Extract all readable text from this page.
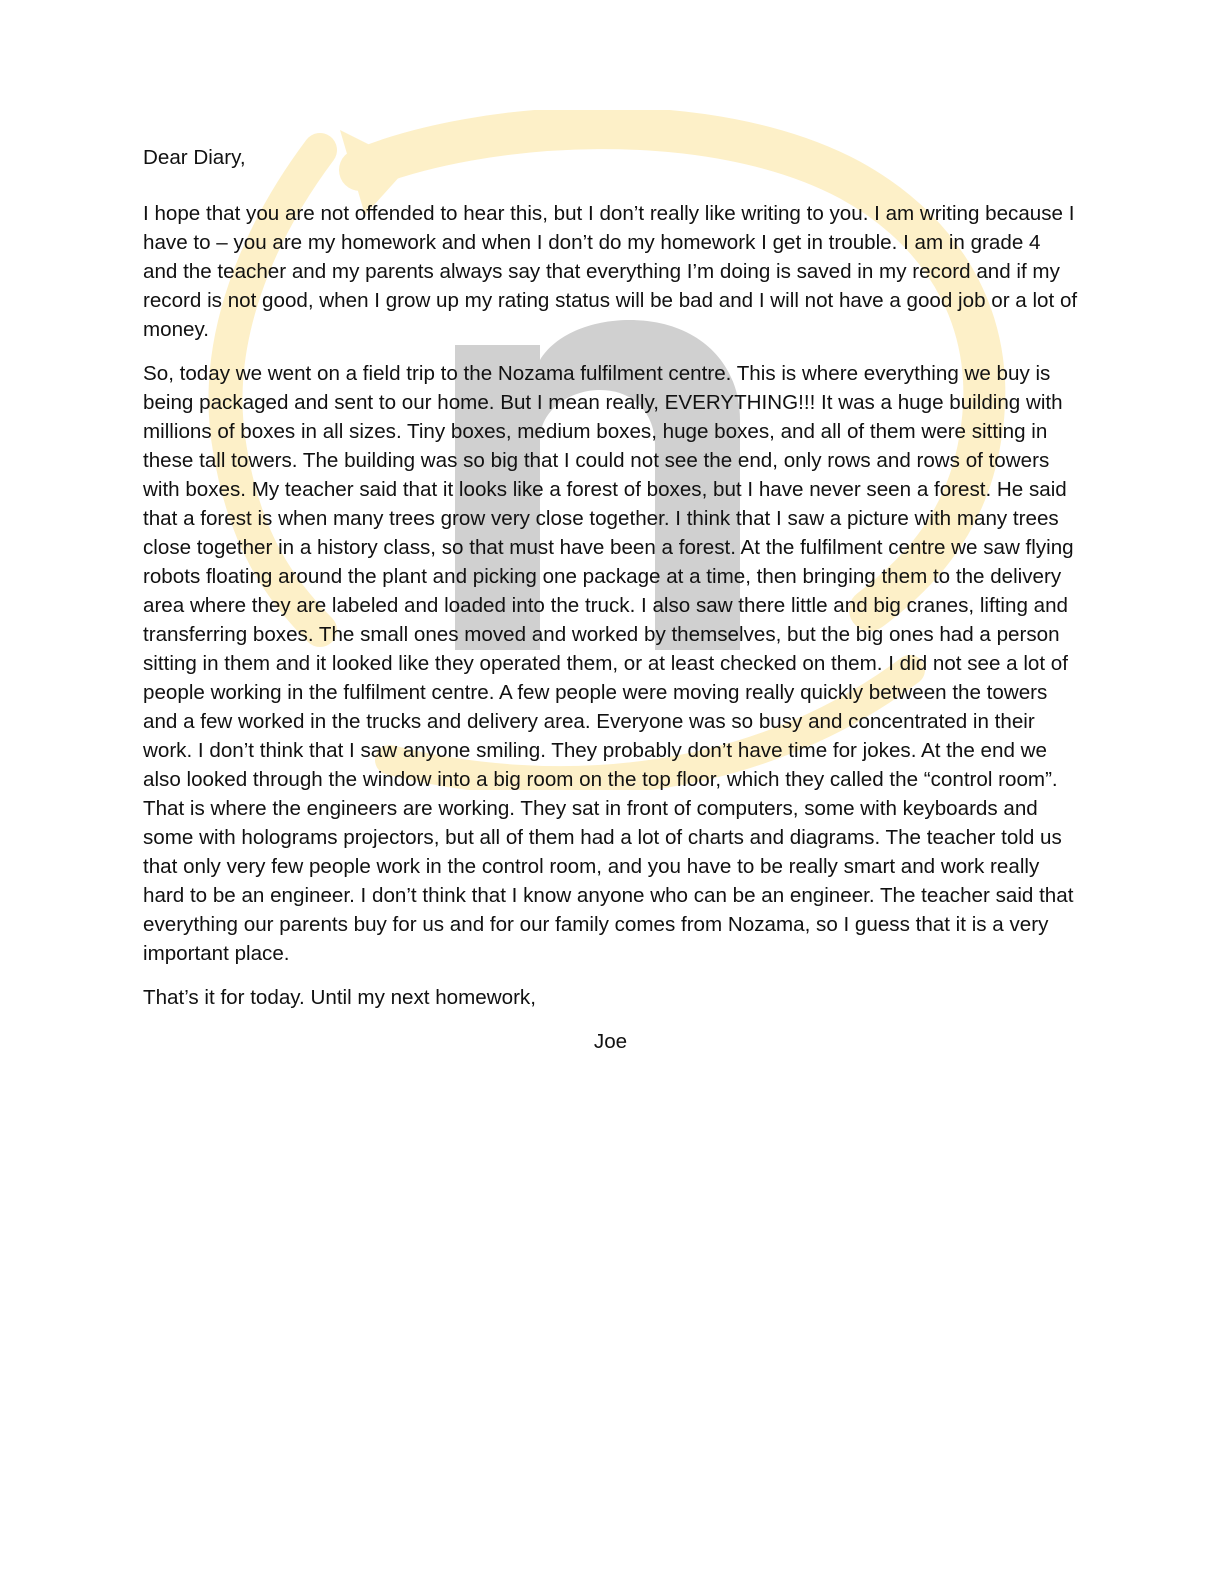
Dear Diary,

I hope that you are not offended to hear this, but I don’t really like writing to you. I am writing because I have to – you are my homework and when I don’t do my homework I get in trouble. I am in grade 4 and the teacher and my parents always say that everything I’m doing is saved in my record and if my record is not good, when I grow up my rating status will be bad and I will not have a good job or a lot of money.

So, today we went on a field trip to the Nozama fulfilment centre. This is where everything we buy is being packaged and sent to our home. But I mean really, EVERYTHING!!! It was a huge building with millions of boxes in all sizes. Tiny boxes, medium boxes, huge boxes, and all of them were sitting in these tall towers. The building was so big that I could not see the end, only rows and rows of towers with boxes. My teacher said that it looks like a forest of boxes, but I have never seen a forest. He said that a forest is when many trees grow very close together. I think that I saw a picture with many trees close together in a history class, so that must have been a forest. At the fulfilment centre we saw flying robots floating around the plant and picking one package at a time, then bringing them to the delivery area where they are labeled and loaded into the truck. I also saw there little and big cranes, lifting and transferring boxes. The small ones moved and worked by themselves, but the big ones had a person sitting in them and it looked like they operated them, or at least checked on them. I did not see a lot of people working in the fulfilment centre. A few people were moving really quickly between the towers and a few worked in the trucks and delivery area. Everyone was so busy and concentrated in their work. I don’t think that I saw anyone smiling. They probably don’t have time for jokes. At the end we also looked through the window into a big room on the top floor, which they called the “control room”. That is where the engineers are working. They sat in front of computers, some with keyboards and some with holograms projectors, but all of them had a lot of charts and diagrams. The teacher told us that only very few people work in the control room, and you have to be really smart and work really hard to be an engineer. I don’t think that I know anyone who can be an engineer. The teacher said that everything our parents buy for us and for our family comes from Nozama, so I guess that it is a very important place.

That’s it for today. Until my next homework,

Joe
